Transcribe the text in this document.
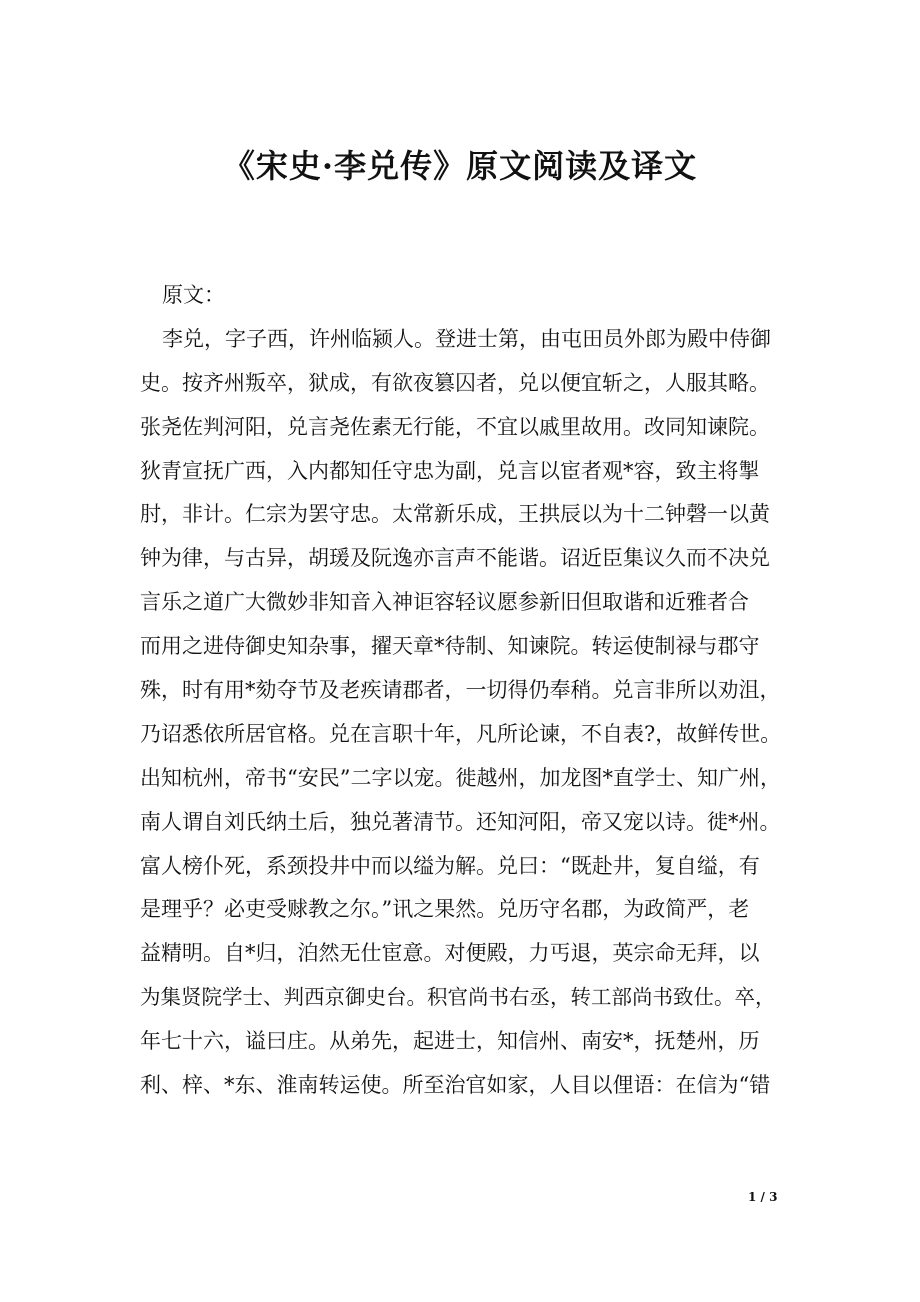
《宋史·李兑传》原文阅读及译文
原文：
李兑，字子西，许州临颍人。登进士第，由屯田员外郎为殿中侍御
史。按齐州叛卒，狱成，有欲夜篡囚者，兑以便宜斩之，人服其略。
张尧佐判河阳，兑言尧佐素无行能，不宜以戚里故用。改同知谏院。
狄青宣抚广西，入内都知任守忠为副，兑言以宦者观*容，致主将掣
肘，非计。仁宗为罢守忠。太常新乐成，王拱辰以为十二钟磬一以黄
钟为律，与古异，胡瑗及阮逸亦言声不能谐。诏近臣集议久而不决兑
言乐之道广大微妙非知音入神讵容轻议愿参新旧但取谐和近雅者合
而用之进侍御史知杂事，擢天章*待制、知谏院。转运使制禄与郡守
殊，时有用*劾夺节及老疾请郡者，一切得仍奉稍。兑言非所以劝沮，
乃诏悉依所居官格。兑在言职十年，凡所论谏，不自表?，故鲜传世。
出知杭州，帝书“安民”二字以宠。徙越州，加龙图*直学士、知广州，
南人谓自刘氏纳土后，独兑著清节。还知河阳，帝又宠以诗。徙*州。
富人榜仆死，系颈投井中而以缢为解。兑曰：“既赴井，复自缢，有
是理乎？必吏受赇教之尔。”讯之果然。兑历守名郡，为政简严，老
益精明。自*归，泊然无仕宦意。对便殿，力丐退，英宗命无拜，以
为集贤院学士、判西京御史台。积官尚书右丞，转工部尚书致仕。卒，
年七十六，谥曰庄。从弟先，起进士，知信州、南安*，抚楚州，历
利、梓、*东、淮南转运使。所至治官如家，人目以俚语：在信为“错
1 / 3
